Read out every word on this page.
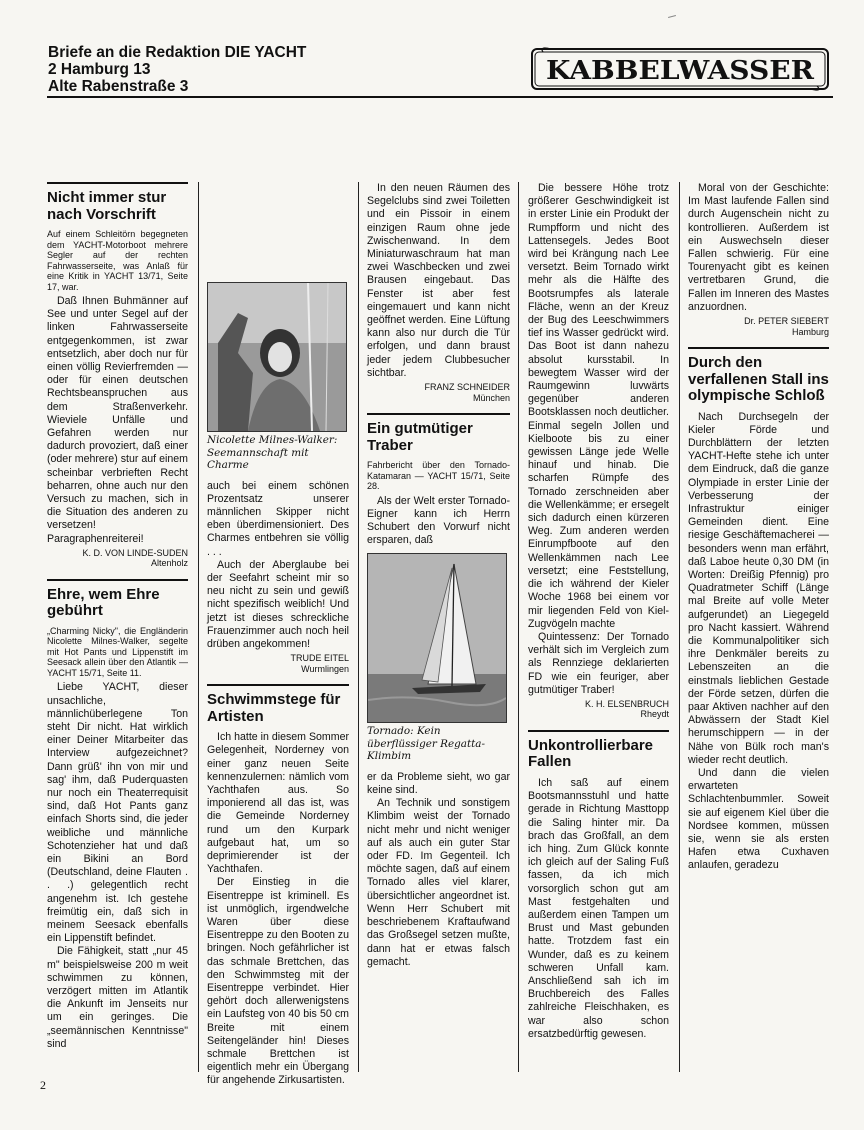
Briefe an die Redaktion DIE YACHT
2 Hamburg 13
Alte Rabenstraße 3
KABBELWASSER
Nicht immer stur nach Vorschrift
Auf einem Schleitörn begegneten dem YACHT-Motorboot mehrere Segler auf der rechten Fahrwasserseite, was Anlaß für eine Kritik in YACHT 13/71, Seite 17, war.

Daß Ihnen Buhmänner auf See und unter Segel auf der linken Fahrwasserseite entgegenkommen, ist zwar entsetzlich, aber doch nur für einen völlig Revierfremden — oder für einen deutschen Rechtsbeanspruchen aus dem Straßenverkehr. Wieviele Unfälle und Gefahren werden nur dadurch provoziert, daß einer (oder mehrere) stur auf einem scheinbar verbrieften Recht beharren, ohne auch nur den Versuch zu machen, sich in die Situation des anderen zu versetzen! Paragraphenreiterei!

K. D. VON LINDE-SUDEN
Altenholz
Ehre, wem Ehre gebührt
„Charming Nicky", die Engländerin Nicolette Milnes-Walker, segelte mit Hot Pants und Lippenstift im Seesack allein über den Atlantik — YACHT 15/71, Seite 11.

Liebe YACHT, dieser unsachliche, männlichüberlegene Ton steht Dir nicht. Hat wirklich einer Deiner Mitarbeiter das Interview aufgezeichnet? Dann grüß' ihn von mir und sag' ihm, daß Puderquasten nur noch ein Theaterrequisit sind, daß Hot Pants ganz einfach Shorts sind, die jeder weibliche und männliche Schotenzieher hat und daß ein Bikini an Bord (Deutschland, deine Flauten . . .) gelegentlich recht angenehm ist. Ich gestehe freimütig ein, daß sich in meinem Seesack ebenfalls ein Lippenstift befindet.

Die Fähigkeit, statt „nur 45 m" beispielsweise 200 m weit schwimmen zu können, verzögert mitten im Atlantik die Ankunft im Jenseits nur um ein geringes. Die „seemännischen Kenntnisse" sind

Nicolette Milnes-Walker: Seemannschaft mit Charme

auch bei einem schönen Prozentsatz unserer männlichen Skipper nicht eben überdimensioniert. Des Charmes entbehren sie völlig . . .

Auch der Aberglaube bei der Seefahrt scheint mir so neu nicht zu sein und gewiß nicht spezifisch weiblich! Und jetzt ist dieses schreckliche Frauenzimmer auch noch heil drüben angekommen!

TRUDE EITEL
Wurmlingen
Schwimmstege für Artisten

Ich hatte in diesem Sommer Gelegenheit, Norderney von einer ganz neuen Seite kennenzulernen: nämlich vom Yachthafen aus. So imponierend all das ist, was die Gemeinde Norderney rund um den Kurpark aufgebaut hat, um so deprimierender ist der Yachthafen.

Der Einstieg in die Eisentreppe ist kriminell. Es ist unmöglich, irgendwelche Waren über diese Eisentreppe zu den Booten zu bringen. Noch gefährlicher ist das schmale Brettchen, das den Schwimmsteg mit der Eisentreppe verbindet. Hier gehört doch allerwenigstens ein Laufsteg von 40 bis 50 cm Breite mit einem Seitengeländer hin! Dieses schmale Brettchen ist eigentlich mehr ein Übergang für angehende Zirkusartisten.

In den neuen Räumen des Segelclubs sind zwei Toiletten und ein Pissoir in einem einzigen Raum ohne jede Zwischenwand. In dem Miniaturwaschraum hat man zwei Waschbecken und zwei Brausen eingebaut. Das Fenster ist aber fest eingemauert und kann nicht geöffnet werden. Eine Lüftung kann also nur durch die Tür erfolgen, und dann braust jeder jedem Clubbesucher sichtbar.

FRANZ SCHNEIDER
München
Ein gutmütiger Traber
Fahrbericht über den Tornado-Katamaran — YACHT 15/71, Seite 28.

Als der Welt erster Tornado-Eigner kann ich Herrn Schubert den Vorwurf nicht ersparen, daß

Tornado: Kein überflüssiger Regatta-Klimbim

er da Probleme sieht, wo gar keine sind.

An Technik und sonstigem Klimbim weist der Tornado nicht mehr und nicht weniger auf als auch ein guter Star oder FD. Im Gegenteil. Ich möchte sagen, daß auf einem Tornado alles viel klarer, übersichtlicher angeordnet ist. Wenn Herr Schubert mit beschriebenem Kraftaufwand das Großsegel setzen mußte, dann hat er etwas falsch gemacht.

Die bessere Höhe trotz größerer Geschwindigkeit ist in erster Linie ein Produkt der Rumpfform und nicht des Lattensegels. Jedes Boot wird bei Krängung nach Lee versetzt. Beim Tornado wirkt mehr als die Hälfte des Bootsrumpfes als laterale Fläche, wenn an der Kreuz der Bug des Leeschwimmers tief ins Wasser gedrückt wird. Das Boot ist dann nahezu absolut kursstabil. In bewegtem Wasser wird der Raumgewinn luvwärts gegenüber anderen Bootsklassen noch deutlicher. Einmal segeln Jollen und Kielboote bis zu einer gewissen Länge jede Welle hinauf und hinab. Die scharfen Rümpfe des Tornado zerschneiden aber die Wellenkämme; er ersegelt sich dadurch einen kürzeren Weg. Zum anderen werden Einrumpfboote auf den Wellenkämmen nach Lee versetzt; eine Feststellung, die ich während der Kieler Woche 1968 bei einem vor mir liegenden Feld von Kiel-Zugvögeln machte

Quintessenz: Der Tornado verhält sich im Vergleich zum als Rennziege deklarierten FD wie ein feuriger, aber gutmütiger Traber!

K. H. ELSENBRUCH
Rheydt
Unkontrollierbare Fallen

Ich saß auf einem Bootsmannsstuhl und hatte gerade in Richtung Masttopp die Saling hinter mir. Da brach das Großfall, an dem ich hing. Zum Glück konnte ich gleich auf der Saling Fuß fassen, da ich mich vorsorglich schon gut am Mast festgehalten und außerdem einen Tampen um Brust und Mast gebunden hatte. Trotzdem fast ein Wunder, daß es zu keinem schweren Unfall kam. Anschließend sah ich im Bruchbereich des Falles zahlreiche Fleischhaken, es war also schon ersatzbedürftig gewesen.

Moral von der Geschichte: Im Mast laufende Fallen sind durch Augenschein nicht zu kontrollieren. Außerdem ist ein Auswechseln dieser Fallen schwierig. Für eine Tourenyacht gibt es keinen vertretbaren Grund, die Fallen im Inneren des Mastes anzuordnen.

Dr. PETER SIEBERT
Hamburg
Durch den verfallenen Stall ins olympische Schloß

Nach Durchsegeln der Kieler Förde und Durchblättern der letzten YACHT-Hefte stehe ich unter dem Eindruck, daß die ganze Olympiade in erster Linie der Verbesserung der Infrastruktur einiger Gemeinden dient. Eine riesige Geschäftemacherei — besonders wenn man erfährt, daß Laboe heute 0,30 DM (in Worten: Dreißig Pfennig) pro Quadratmeter Schiff (Länge mal Breite auf volle Meter aufgerundet) an Liegegeld pro Nacht kassiert. Während die Kommunalpolitiker sich ihre Denkmäler bereits zu Lebenszeiten an die einstmals lieblichen Gestade der Förde setzen, dürfen die paar Aktiven nachher auf den Abwässern der Stadt Kiel herumschippern — in der Nähe von Bülk roch man's wieder recht deutlich.

Und dann die vielen erwarteten Schlachtenbummler. Soweit sie auf eigenem Kiel über die Nordsee kommen, müssen sie, wenn sie als ersten Hafen etwa Cuxhaven anlaufen, geradezu

2
